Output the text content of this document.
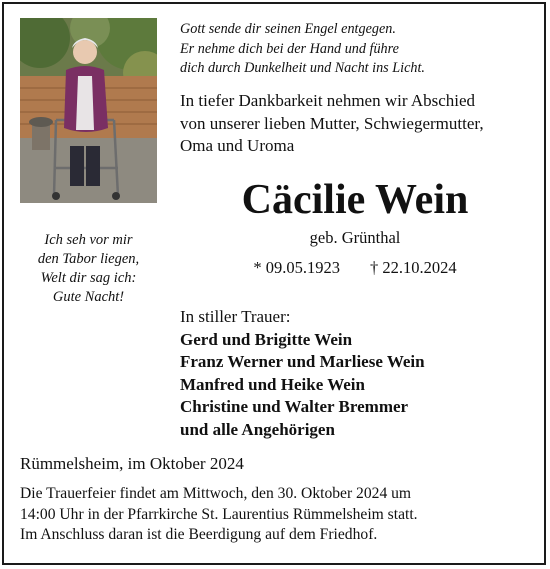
Gott sende dir seinen Engel entgegen.
Er nehme dich bei der Hand und führe
dich durch Dunkelheit und Nacht ins Licht.
In tiefer Dankbarkeit nehmen wir Abschied
von unserer lieben Mutter, Schwiegermutter,
Oma und Uroma
Cäcilie Wein
geb. Grünthal
* 09.05.1923 † 22.10.2024
Ich seh vor mir
den Tabor liegen,
Welt dir sag ich:
Gute Nacht!
In stiller Trauer:
Gerd und Brigitte Wein
Franz Werner und Marliese Wein
Manfred und Heike Wein
Christine und Walter Bremmer
und alle Angehörigen
Rümmelsheim, im Oktober 2024
Die Trauerfeier findet am Mittwoch, den 30. Oktober 2024 um
14:00 Uhr in der Pfarrkirche St. Laurentius Rümmelsheim statt.
Im Anschluss daran ist die Beerdigung auf dem Friedhof.
